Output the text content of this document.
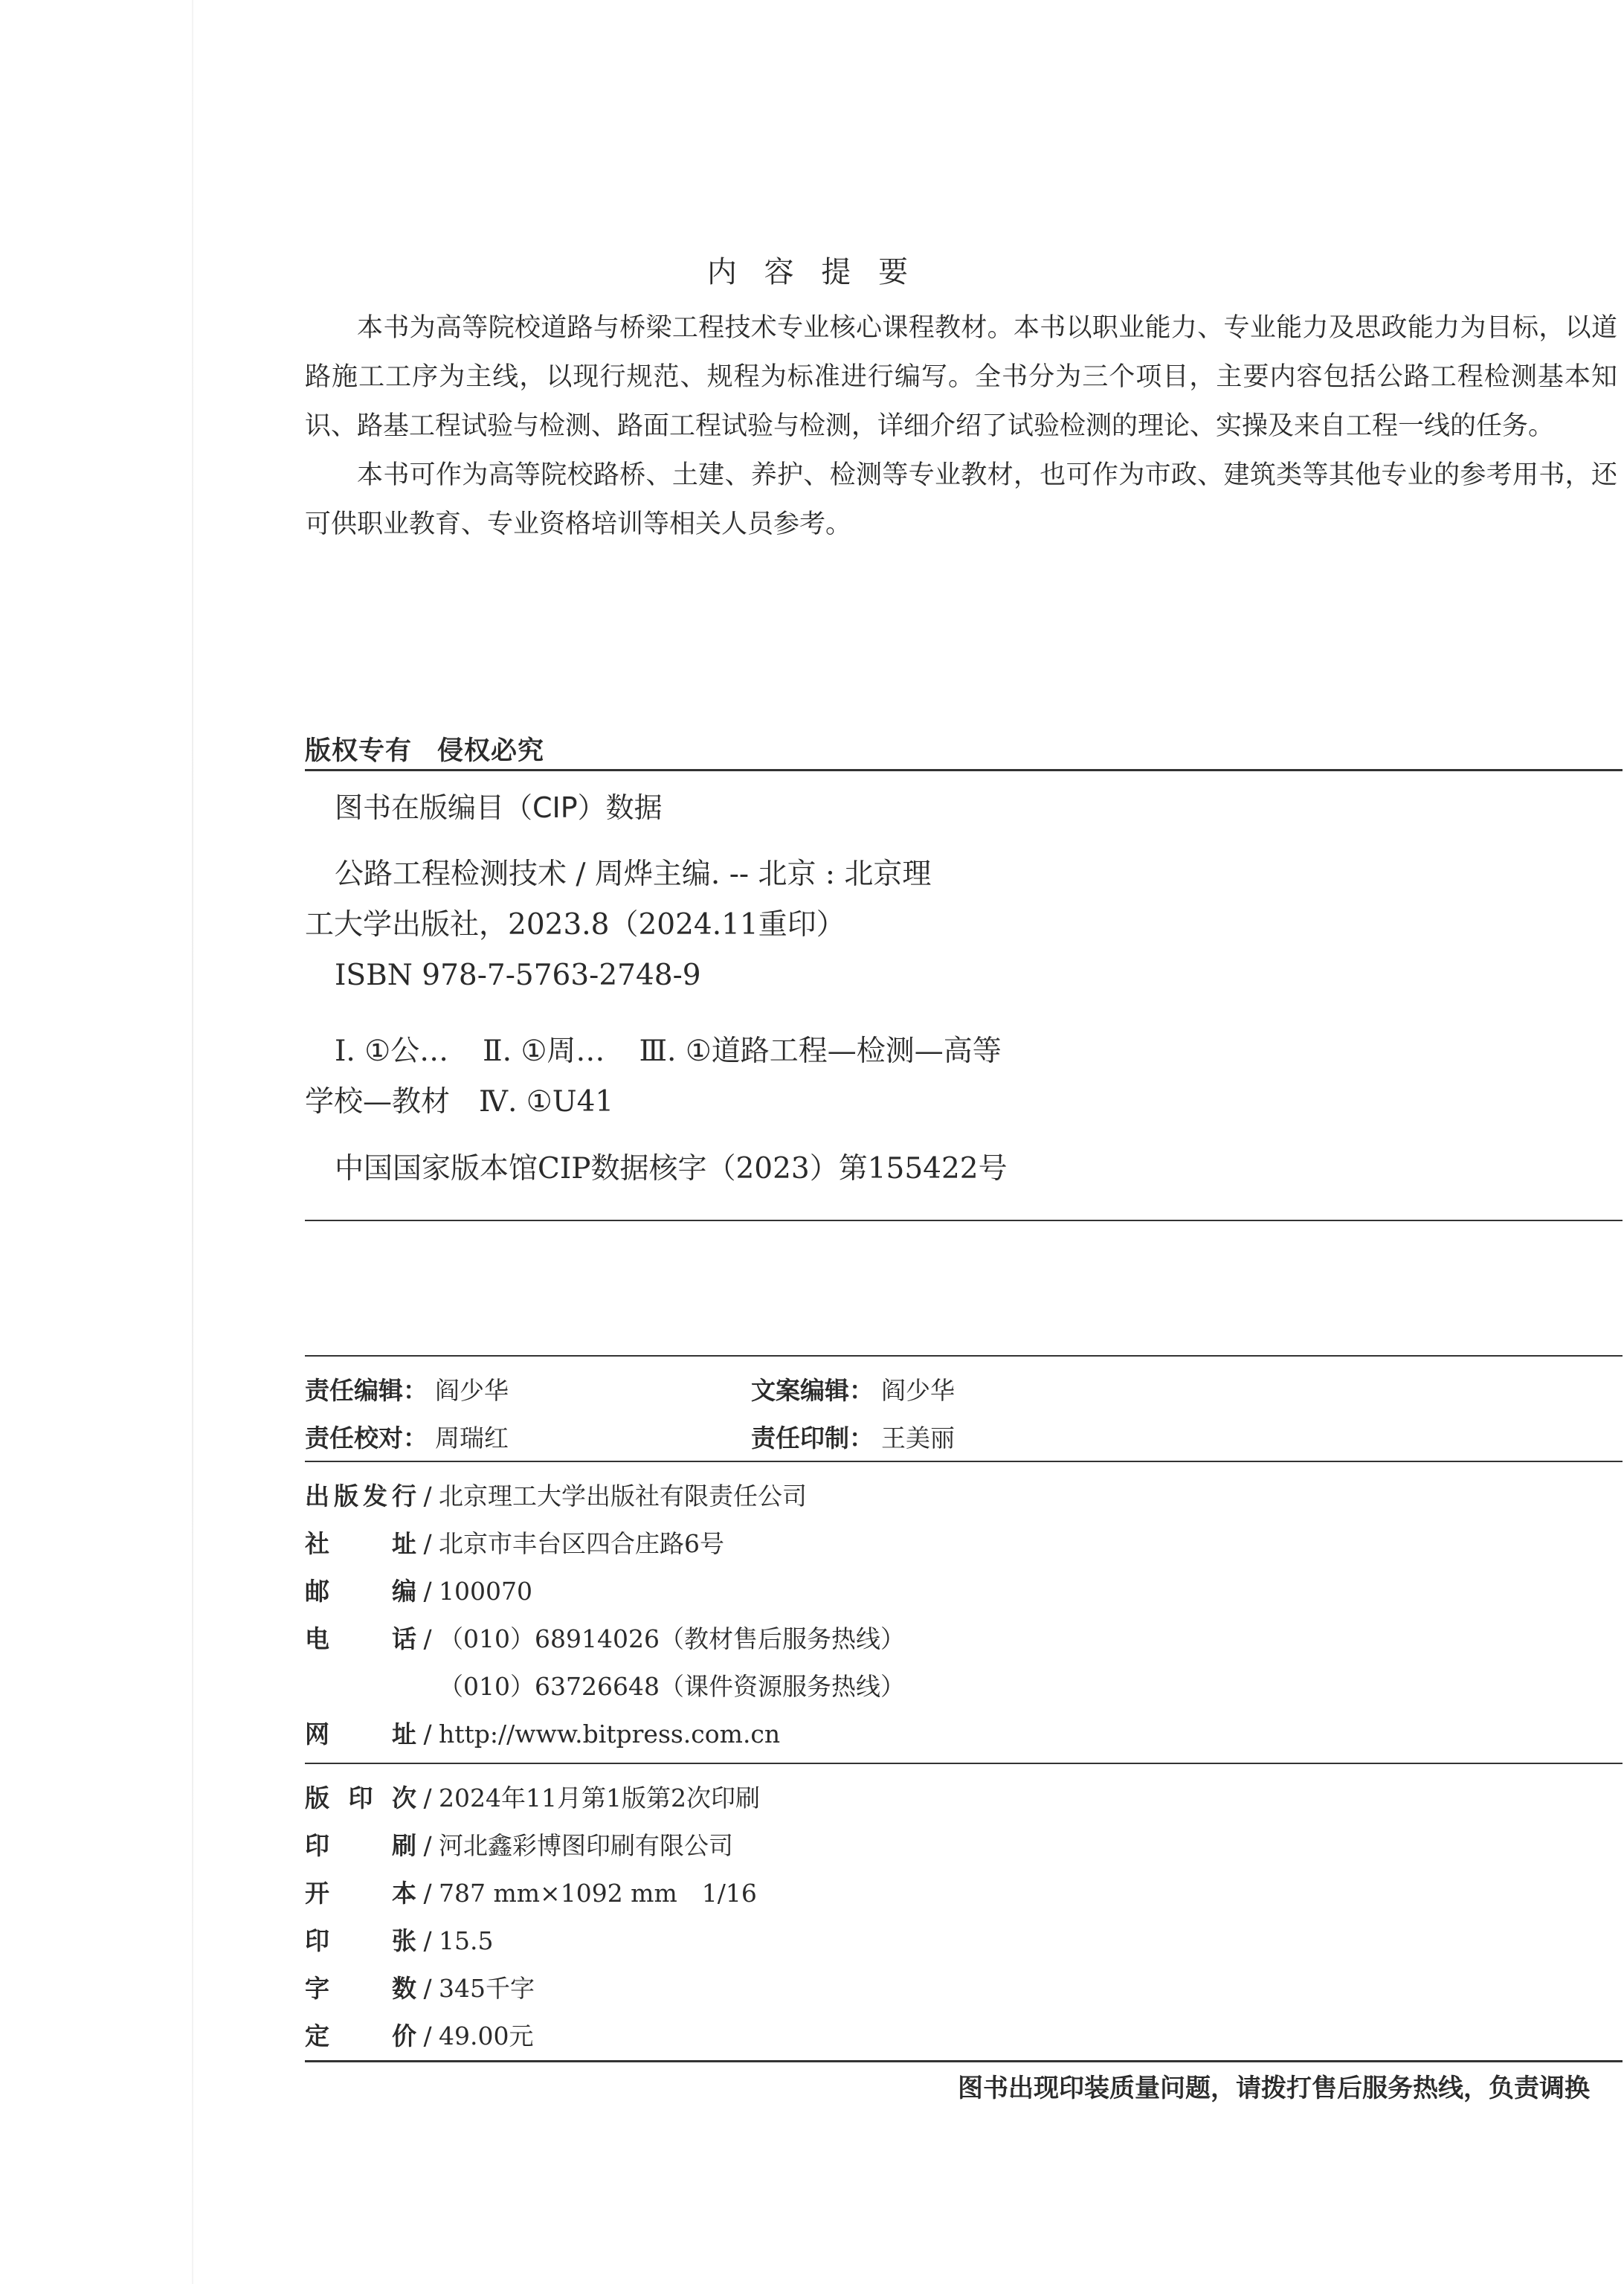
内 容 提 要

本书为高等院校道路与桥梁工程技术专业核心课程教材。本书以职业能力、专业能力及思政能力为目标，以道路施工工序为主线，以现行规范、规程为标准进行编写。全书分为三个项目，主要内容包括公路工程检测基本知识、路基工程试验与检测、路面工程试验与检测，详细介绍了试验检测的理论、实操及来自工程一线的任务。

本书可作为高等院校路桥、土建、养护、检测等专业教材，也可作为市政、建筑类等其他专业的参考用书，还可供职业教育、专业资格培训等相关人员参考。

版权专有 侵权必究
图书在版编目（CIP）数据
公路工程检测技术 / 周烨主编. -- 北京 : 北京理
工大学出版社，2023.8（2024.11重印）
ISBN 978-7-5763-2748-9
Ⅰ. ①公… Ⅱ. ①周… Ⅲ. ①道路工程—检测—高等
学校—教材　Ⅳ. ①U41
中国国家版本馆CIP数据核字（2023）第155422号
责任编辑： 阎少华	文案编辑： 阎少华
责任校对： 周瑞红	责任印制： 王美丽
出版发行 / 北京理工大学出版社有限责任公司
社址 / 北京市丰台区四合庄路6号
邮编 / 100070
电话 / （010）68914026（教材售后服务热线）
（010）63726648（课件资源服务热线）
网址 / http://www.bitpress.com.cn
版印次 / 2024年11月第1版第2次印刷
印刷 / 河北鑫彩博图印刷有限公司
开本 / 787 mm×1092 mm　1/16
印张 / 15.5
字数 / 345千字
定价 / 49.00元
图书出现印装质量问题，请拨打售后服务热线，负责调换
